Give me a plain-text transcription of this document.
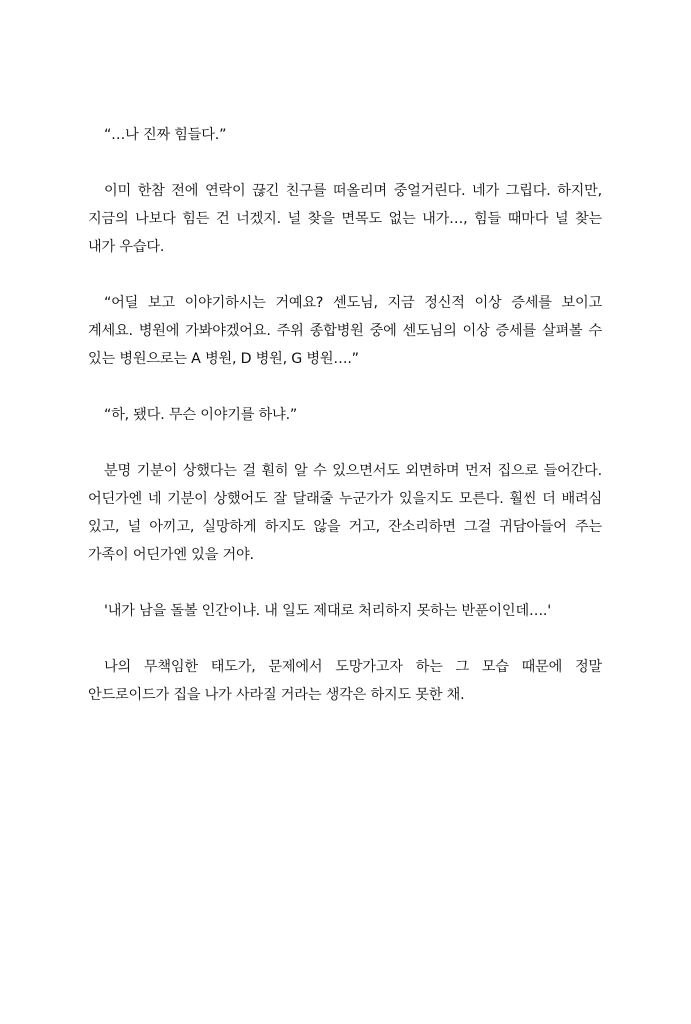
“…나 진짜 힘들다.”

이미 한참 전에 연락이 끊긴 친구를 떠올리며 중얼거린다. 네가 그립다. 하지만, 지금의 나보다 힘든 건 너겠지. 널 찾을 면목도 없는 내가…, 힘들 때마다 널 찾는 내가 우습다.

“어딜 보고 이야기하시는 거예요? 센도님, 지금 정신적 이상 증세를 보이고 계세요. 병원에 가봐야겠어요. 주위 종합병원 중에 센도님의 이상 증세를 살펴볼 수 있는 병원으로는 A 병원, D 병원, G 병원….”

“하, 됐다. 무슨 이야기를 하냐.”

분명 기분이 상했다는 걸 훤히 알 수 있으면서도 외면하며 먼저 집으로 들어간다. 어딘가엔 네 기분이 상했어도 잘 달래줄 누군가가 있을지도 모른다. 훨씬 더 배려심 있고, 널 아끼고, 실망하게 하지도 않을 거고, 잔소리하면 그걸 귀담아들어 주는 가족이 어딘가엔 있을 거야.

'내가 남을 돌볼 인간이냐. 내 일도 제대로 처리하지 못하는 반푼이인데….'

나의 무책임한 태도가, 문제에서 도망가고자 하는 그 모습 때문에 정말 안드로이드가 집을 나가 사라질 거라는 생각은 하지도 못한 채.
